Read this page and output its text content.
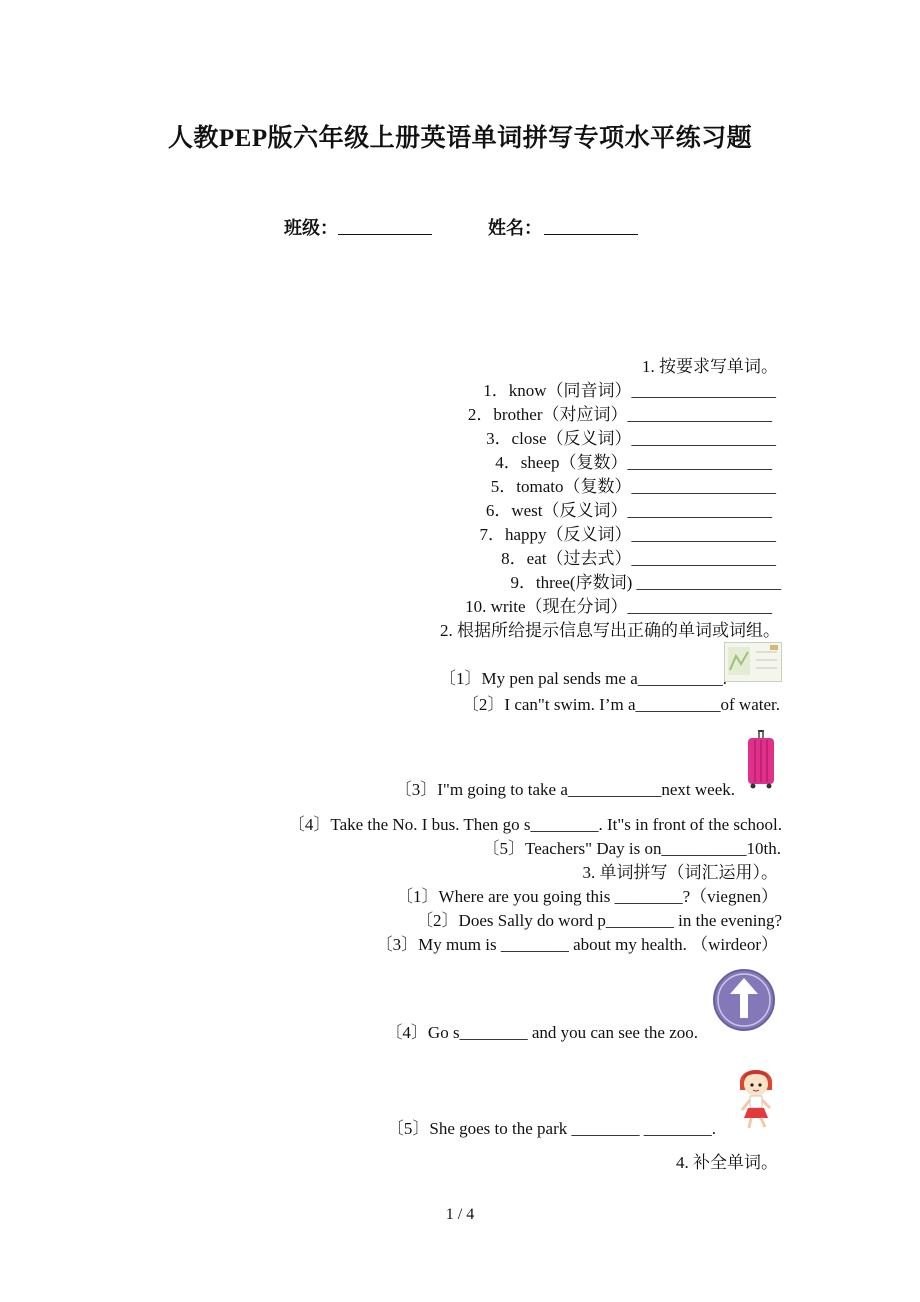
人教PEP版六年级上册英语单词拼写专项水平练习题
班级：	姓名：
1. 按要求写单词。
1．know（同音词）_________________
2．brother（对应词）_________________
3．close（反义词）_________________
4．sheep（复数）_________________
5．tomato（复数）_________________
6．west（反义词）_________________
7．happy（反义词）_________________
8．eat（过去式）_________________
9．three(序数词) _________________
10. write（现在分词）_________________
2. 根据所给提示信息写出正确的单词或词组。
〔1〕My pen pal sends me a__________.
〔2〕I can"t swim. I’m a__________of water.
〔3〕I"m going to take a___________next week.
〔4〕Take the No. I bus. Then go s________. It"s in front of the school.
〔5〕Teachers" Day is on__________10th.
3. 单词拼写（词汇运用）。
〔1〕Where are you going this ________?（viegnen）
〔2〕Does Sally do word p________ in the evening?
〔3〕My mum is ________ about my health. （wirdeor）
〔4〕Go s________ and you can see the zoo.
〔5〕She goes to the park ________ ________.
4. 补全单词。
1 / 4
